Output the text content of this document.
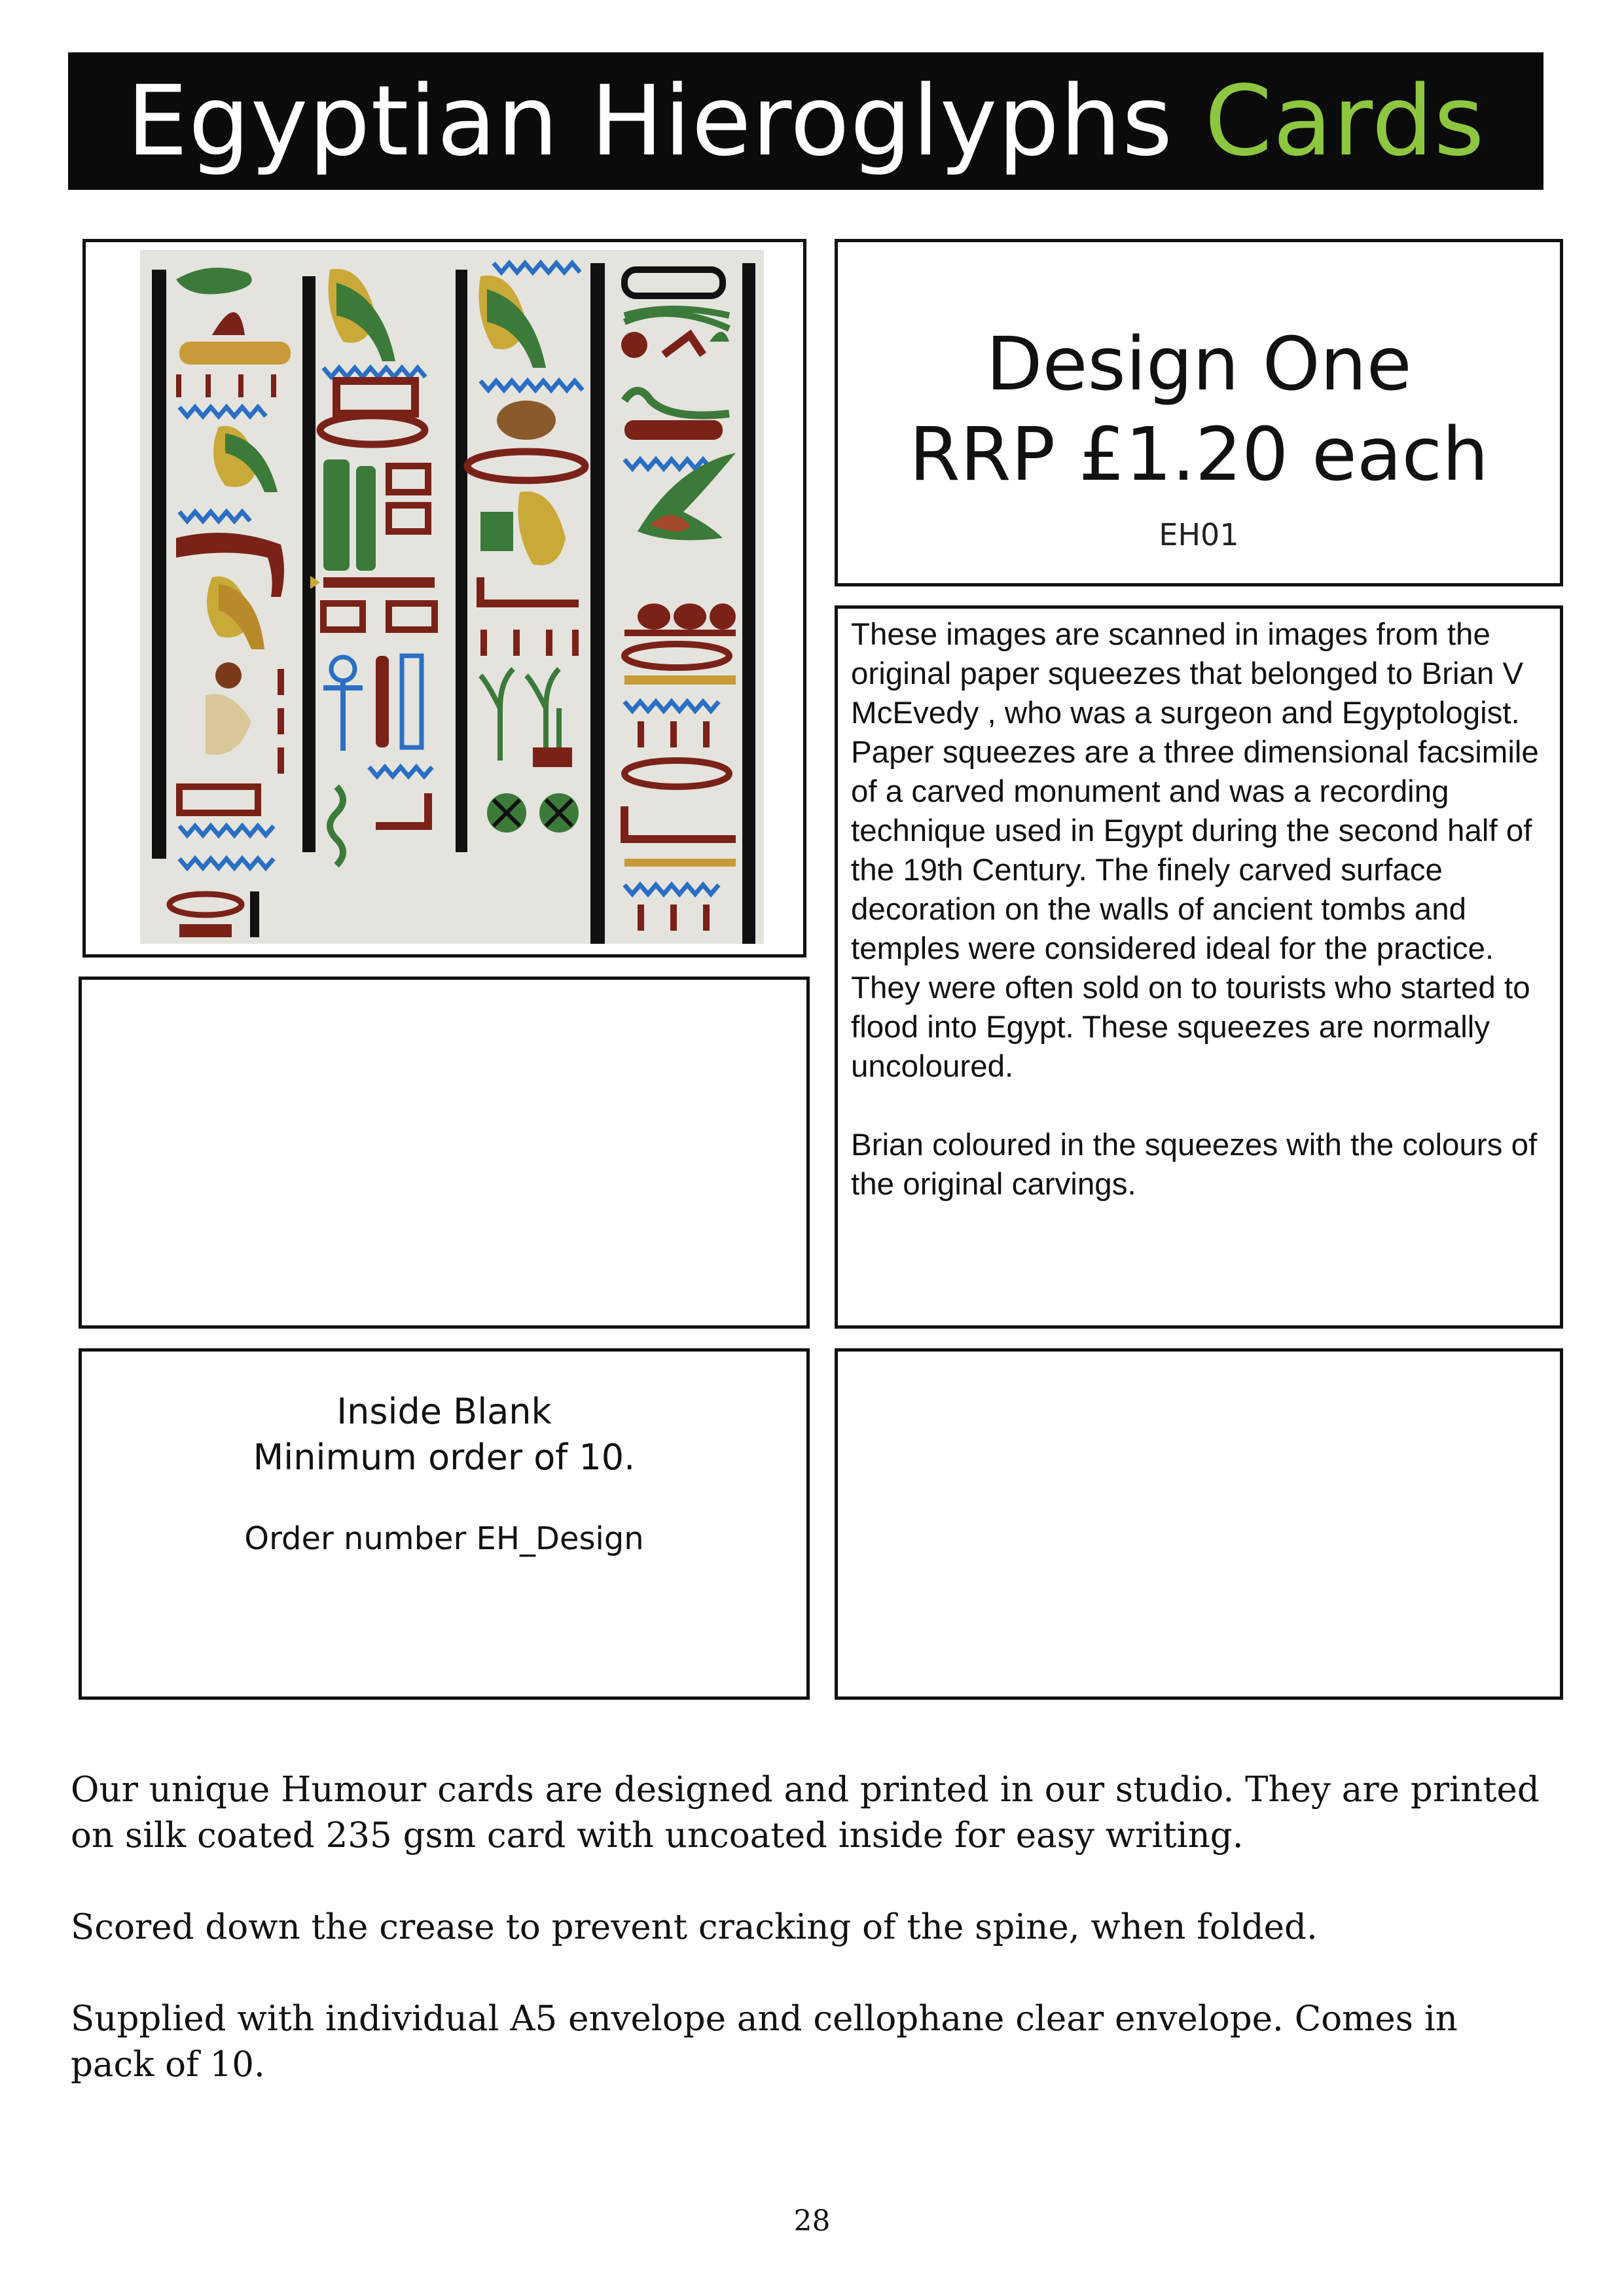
Egyptian Hieroglyphs Cards
Design One
RRP £1.20 each
EH01

These images are scanned in images from the original paper squeezes that belonged to Brian V McEvedy , who was a surgeon and Egyptologist. Paper squeezes are a three dimensional facsimile of a carved monument and was a recording technique used in Egypt during the second half of the 19th Century. The finely carved surface decoration on the walls of ancient tombs and temples were considered ideal for the practice. They were often sold on to tourists who started to flood into Egypt. These squeezes are normally uncoloured.

Brian coloured in the squeezes with the colours of the original carvings.

Inside Blank
Minimum order of 10.
Order number EH_Design

Our unique Humour cards are designed and printed in our studio. They are printed on silk coated 235 gsm card with uncoated inside for easy writing.

Scored down the crease to prevent cracking of the spine, when folded.

Supplied with individual A5 envelope and cellophane clear envelope. Comes in pack of 10.

28
